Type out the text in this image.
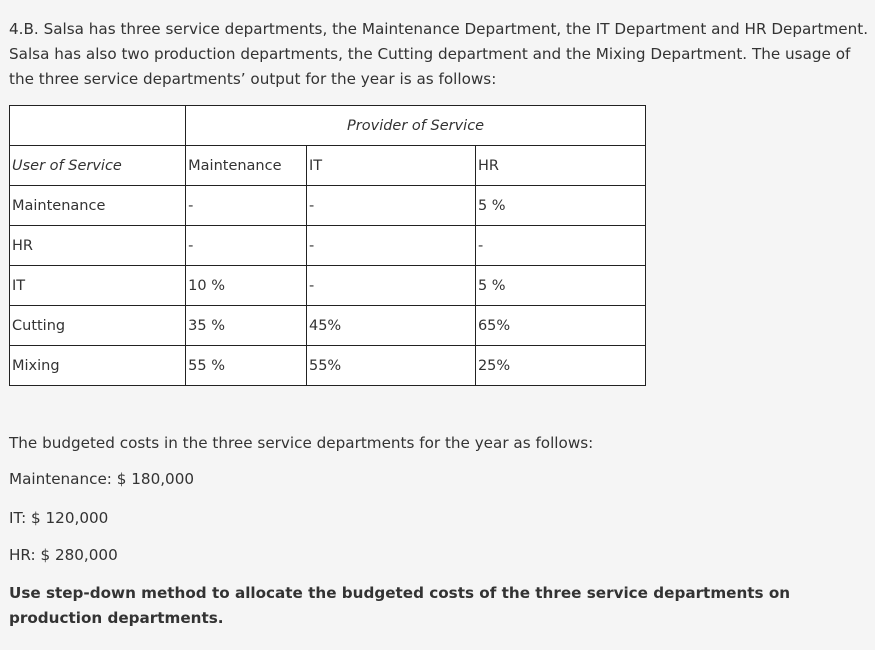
4.B. Salsa has three service departments, the Maintenance Department, the IT Department and HR Department. Salsa has also two production departments, the Cutting department and the Mixing Department. The usage of the three service departments’ output for the year is as follows:

	Provider of Service		
User of Service	Maintenance	IT	HR
Maintenance	-	-	5 %
HR	-	-	-
IT	10 %	-	5 %
Cutting	35 %	45%	65%
Mixing	55 %	55%	25%

The budgeted costs in the three service departments for the year as follows:

Maintenance: $ 180,000

IT: $ 120,000

HR: $ 280,000

Use step-down method to allocate the budgeted costs of the three service departments on production departments.
